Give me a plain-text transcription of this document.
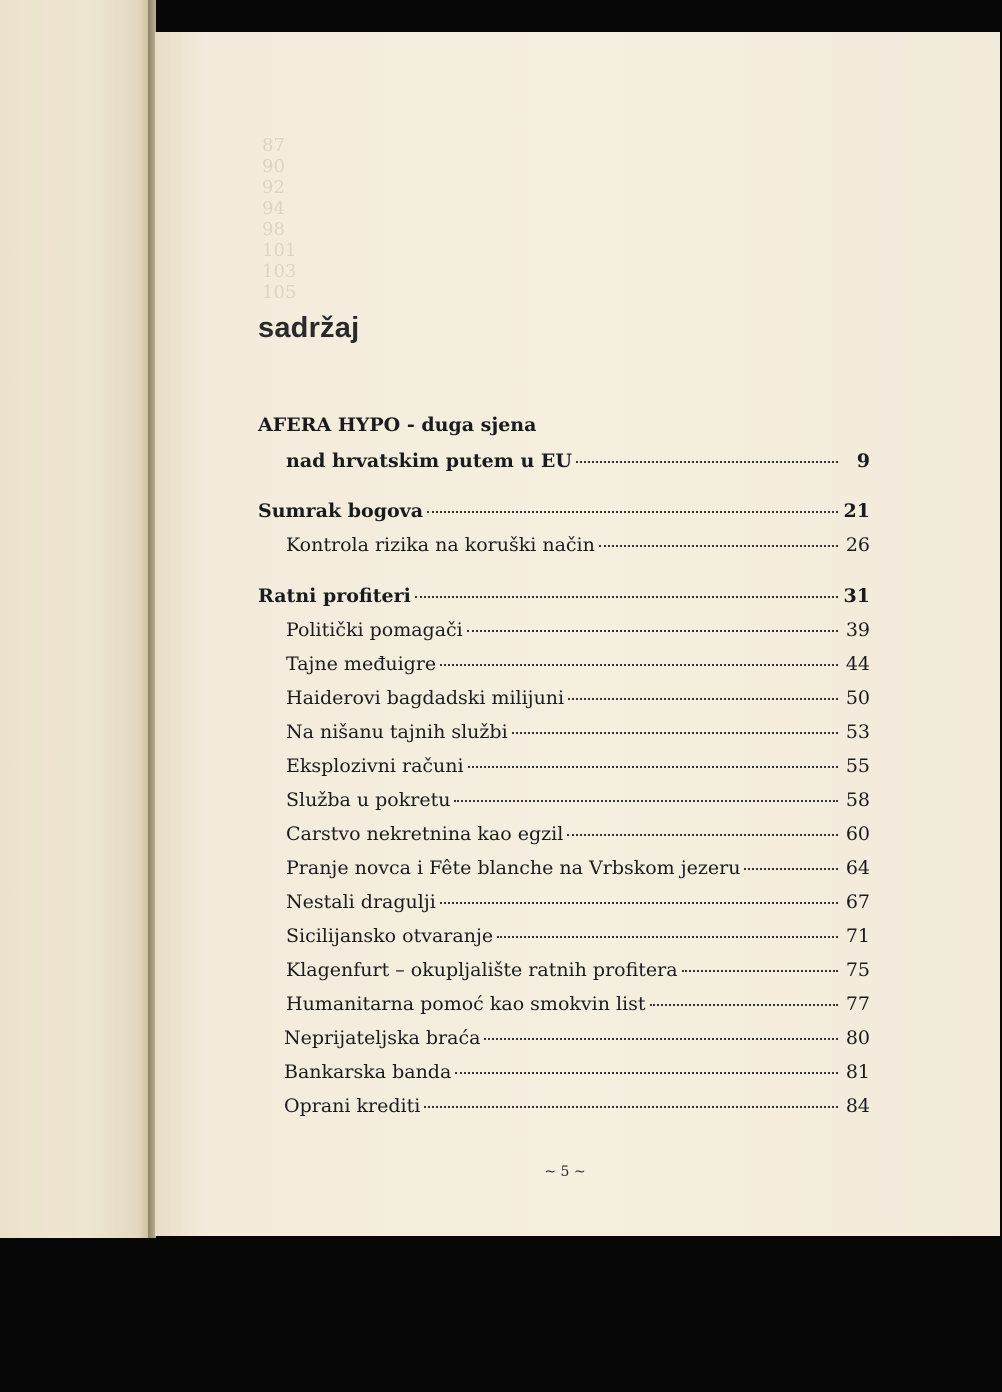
87
90
92
94
98
101
103
105
sadržaj
AFERA HYPO - duga sjena
nad hrvatskim putem u EU	9
Sumrak bogova	21
Kontrola rizika na koruški način	26
Ratni profiteri	31
Politički pomagači	39
Tajne međuigre	44
Haiderovi bagdadski milijuni	50
Na nišanu tajnih službi	53
Eksplozivni računi	55
Služba u pokretu	58
Carstvo nekretnina kao egzil	60
Pranje novca i Fête blanche na Vrbskom jezeru	64
Nestali dragulji	67
Sicilijansko otvaranje	71
Klagenfurt – okupljalište ratnih profitera	75
Humanitarna pomoć kao smokvin list	77
Neprijateljska braća	80
Bankarska banda	81
Oprani krediti	84
~ 5 ~
